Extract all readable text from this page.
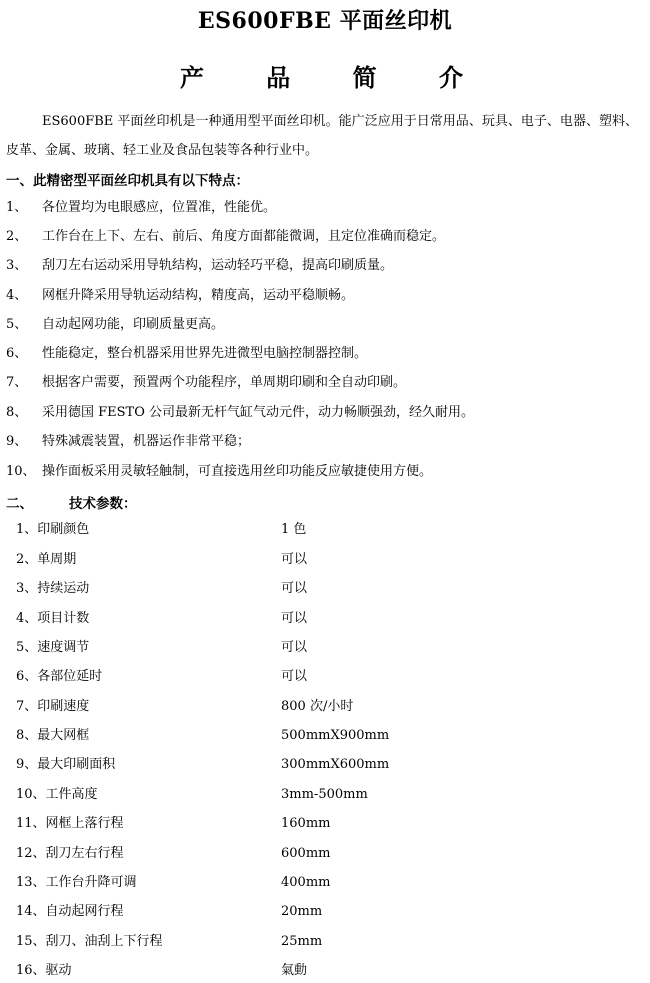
ES600FBE 平面丝印机
产 品 简 介
ES600FBE 平面丝印机是一种通用型平面丝印机。能广泛应用于日常用品、玩具、电子、电器、塑料、皮革、金属、玻璃、轻工业及食品包装等各种行业中。
一、此精密型平面丝印机具有以下特点：
1、 各位置均为电眼感应，位置准，性能优。
2、 工作台在上下、左右、前后、角度方面都能微调，且定位准确而稳定。
3、 刮刀左右运动采用导轨结构，运动轻巧平稳，提高印刷质量。
4、 网框升降采用导轨运动结构，精度高，运动平稳顺畅。
5、 自动起网功能，印刷质量更高。
6、 性能稳定，整台机器采用世界先进微型电脑控制器控制。
7、 根据客户需要，预置两个功能程序，单周期印刷和全自动印刷。
8、 采用德国 FESTO 公司最新无杆气缸气动元件，动力畅顺强劲，经久耐用。
9、 特殊减震装置，机器运作非常平稳；
10、 操作面板采用灵敏轻触制，可直接选用丝印功能反应敏捷使用方便。
二、	技术参数：
1、印刷颜色	1 色
2、单周期	可以
3、持续运动	可以
4、项目计数	可以
5、速度调节	可以
6、各部位延时	可以
7、印刷速度	800 次/小时
8、最大网框	500mmX900mm
9、最大印刷面积	300mmX600mm
10、工件高度	3mm-500mm
11、网框上落行程	160mm
12、刮刀左右行程	600mm
13、工作台升降可调	400mm
14、自动起网行程	20mm
15、刮刀、油刮上下行程	25mm
16、驱动	氣動
